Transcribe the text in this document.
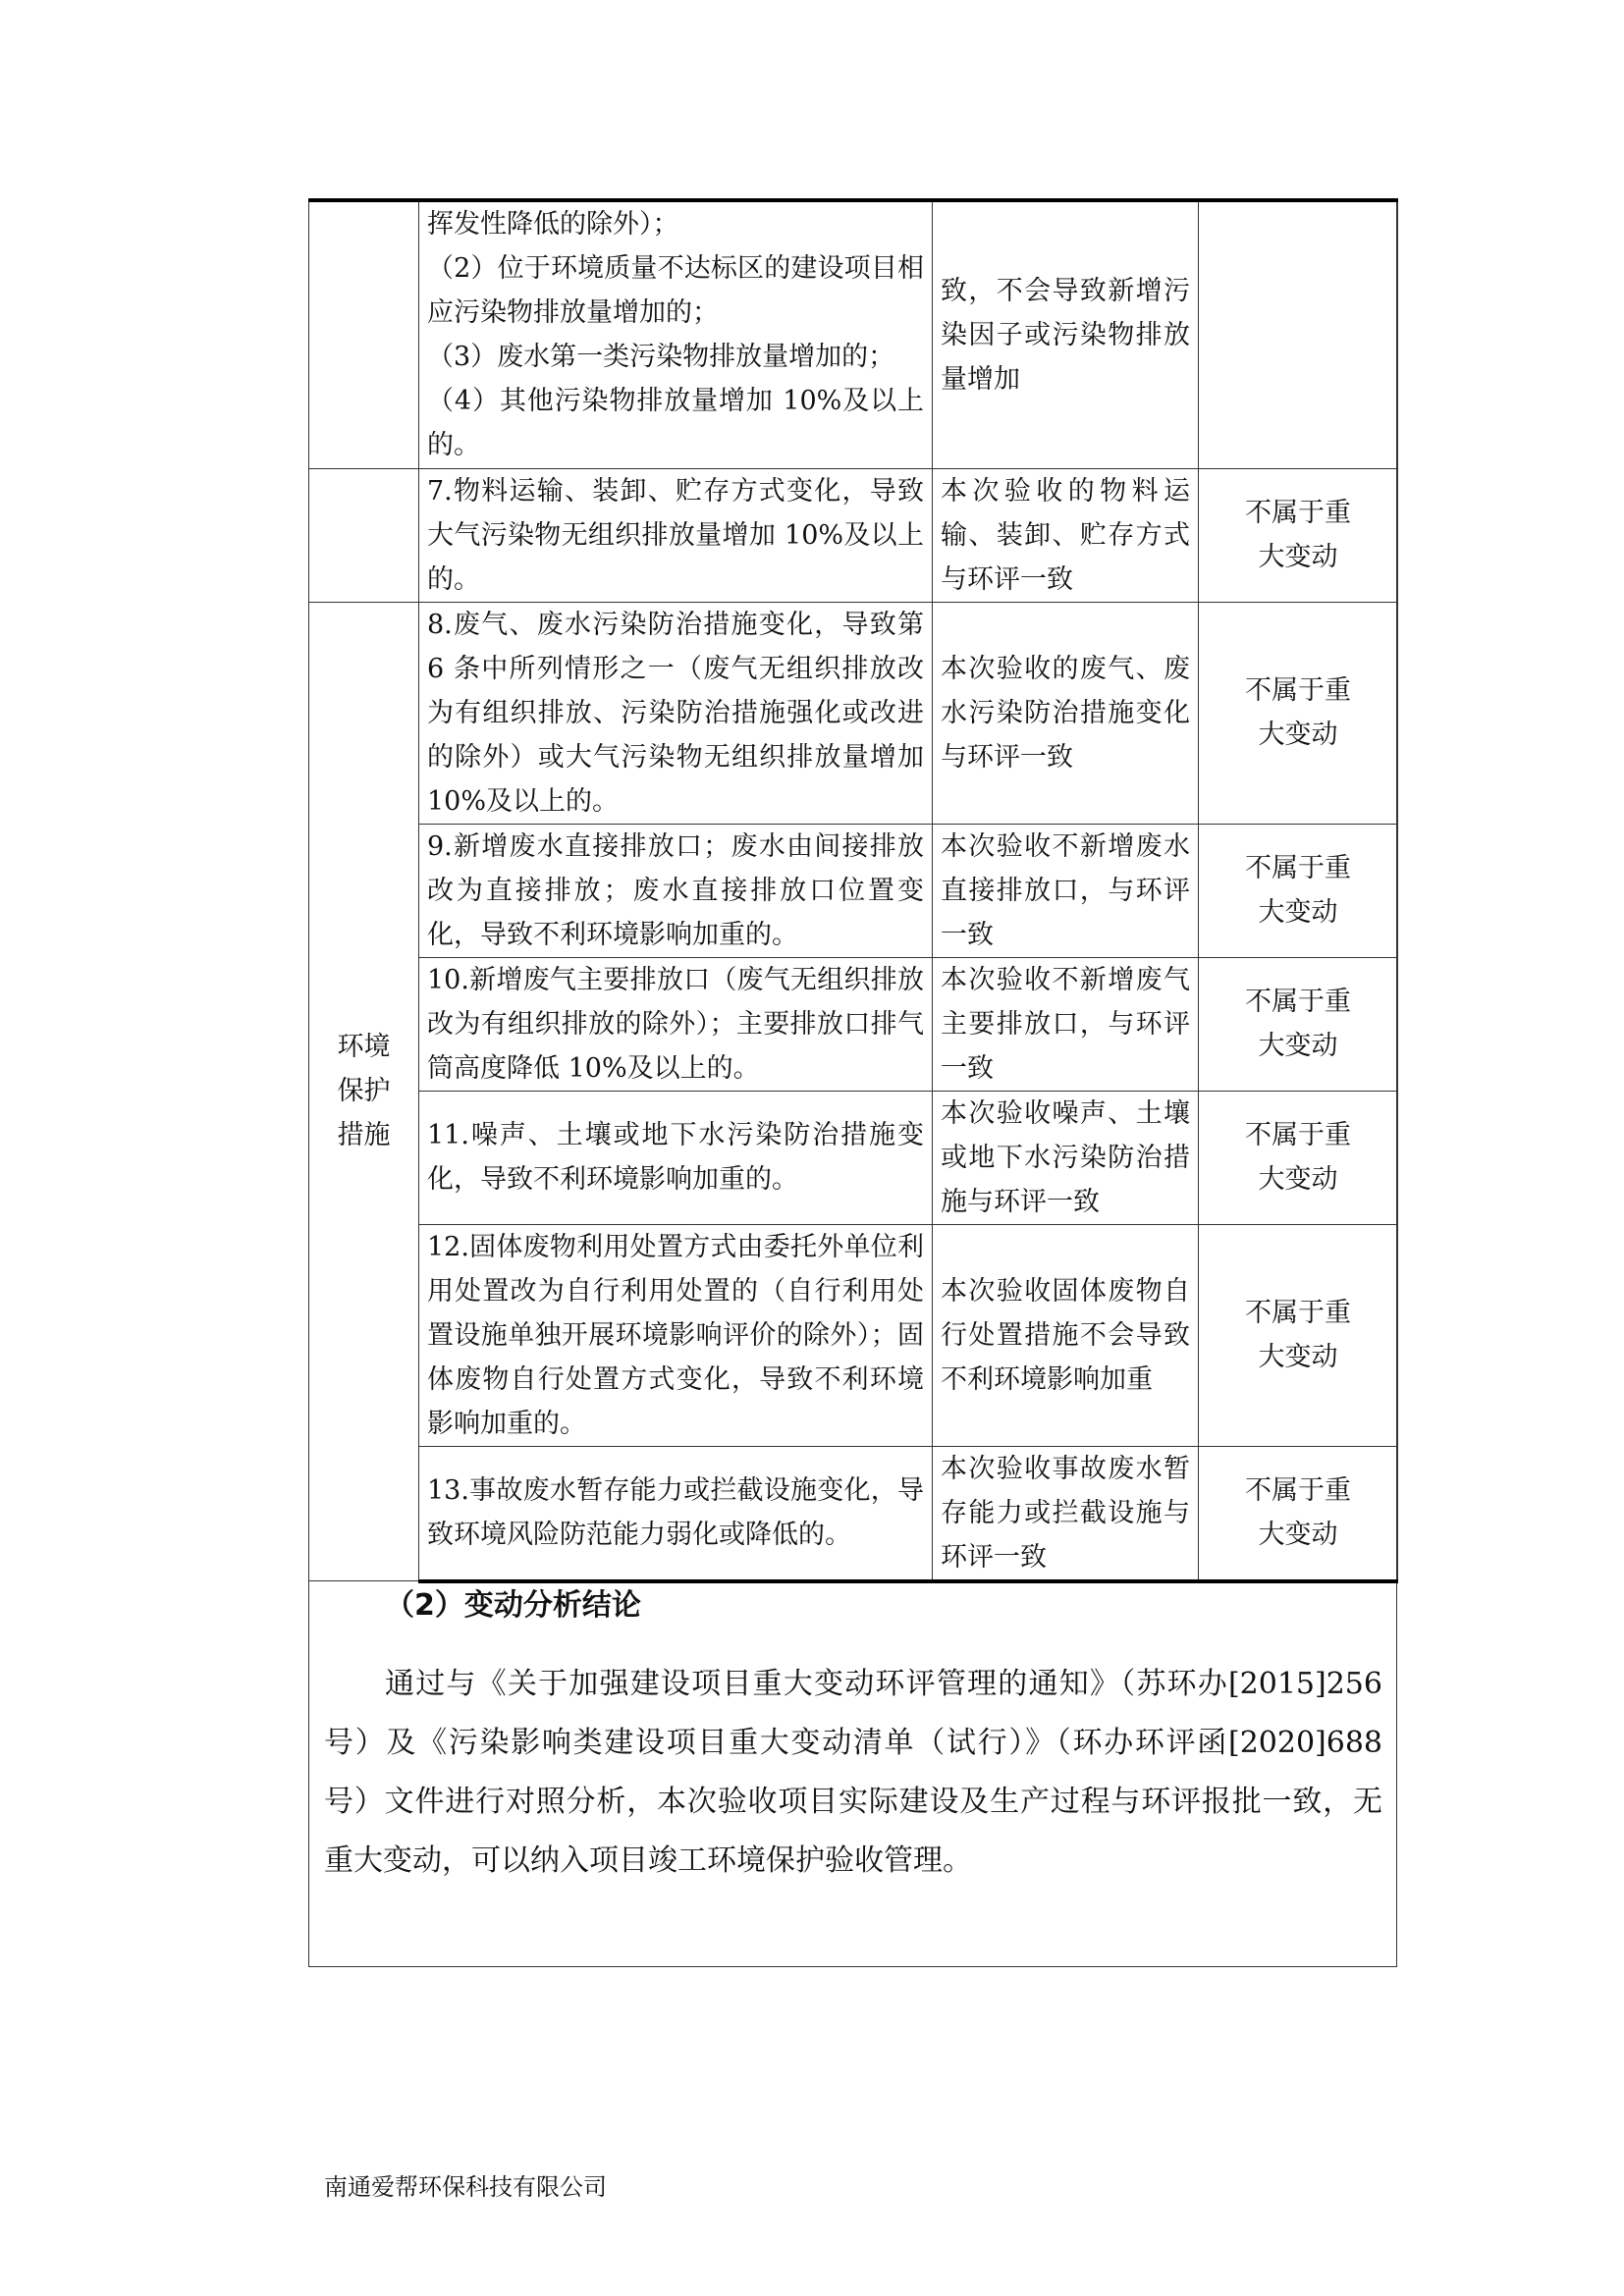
	挥发性降低的除外）；
（2）位于环境质量不达标区的建设项目相应污染物排放量增加的；
（3）废水第一类污染物排放量增加的；
（4）其他污染物排放量增加 10%及以上的。	致，不会导致新增污染因子或污染物排放量增加	

	7.物料运输、装卸、贮存方式变化，导致大气污染物无组织排放量增加 10%及以上的。	本次验收的物料运输、装卸、贮存方式与环评一致	不属于重大变动
环境保护措施	8.废气、废水污染防治措施变化，导致第 6 条中所列情形之一（废气无组织排放改为有组织排放、污染防治措施强化或改进的除外）或大气污染物无组织排放量增加 10%及以上的。	本次验收的废气、废水污染防治措施变化与环评一致	不属于重大变动

	9.新增废水直接排放口；废水由间接排放改为直接排放；废水直接排放口位置变化，导致不利环境影响加重的。	本次验收不新增废水直接排放口，与环评一致	不属于重大变动

	10.新增废气主要排放口（废气无组织排放改为有组织排放的除外）；主要排放口排气筒高度降低 10%及以上的。	本次验收不新增废气主要排放口，与环评一致	不属于重大变动

	11.噪声、土壤或地下水污染防治措施变化，导致不利环境影响加重的。	本次验收噪声、土壤或地下水污染防治措施与环评一致	不属于重大变动

	12.固体废物利用处置方式由委托外单位利用处置改为自行利用处置的（自行利用处置设施单独开展环境影响评价的除外）；固体废物自行处置方式变化，导致不利环境影响加重的。	本次验收固体废物自行处置措施不会导致不利环境影响加重	不属于重大变动

	13.事故废水暂存能力或拦截设施变化，导致环境风险防范能力弱化或降低的。	本次验收事故废水暂存能力或拦截设施与环评一致	不属于重大变动
（2）变动分析结论

通过与《关于加强建设项目重大变动环评管理的通知》（苏环办[2015]256 号）及《污染影响类建设项目重大变动清单（试行）》（环办环评函[2020]688 号）文件进行对照分析，本次验收项目实际建设及生产过程与环评报批一致，无重大变动，可以纳入项目竣工环境保护验收管理。

南通爱帮环保科技有限公司
